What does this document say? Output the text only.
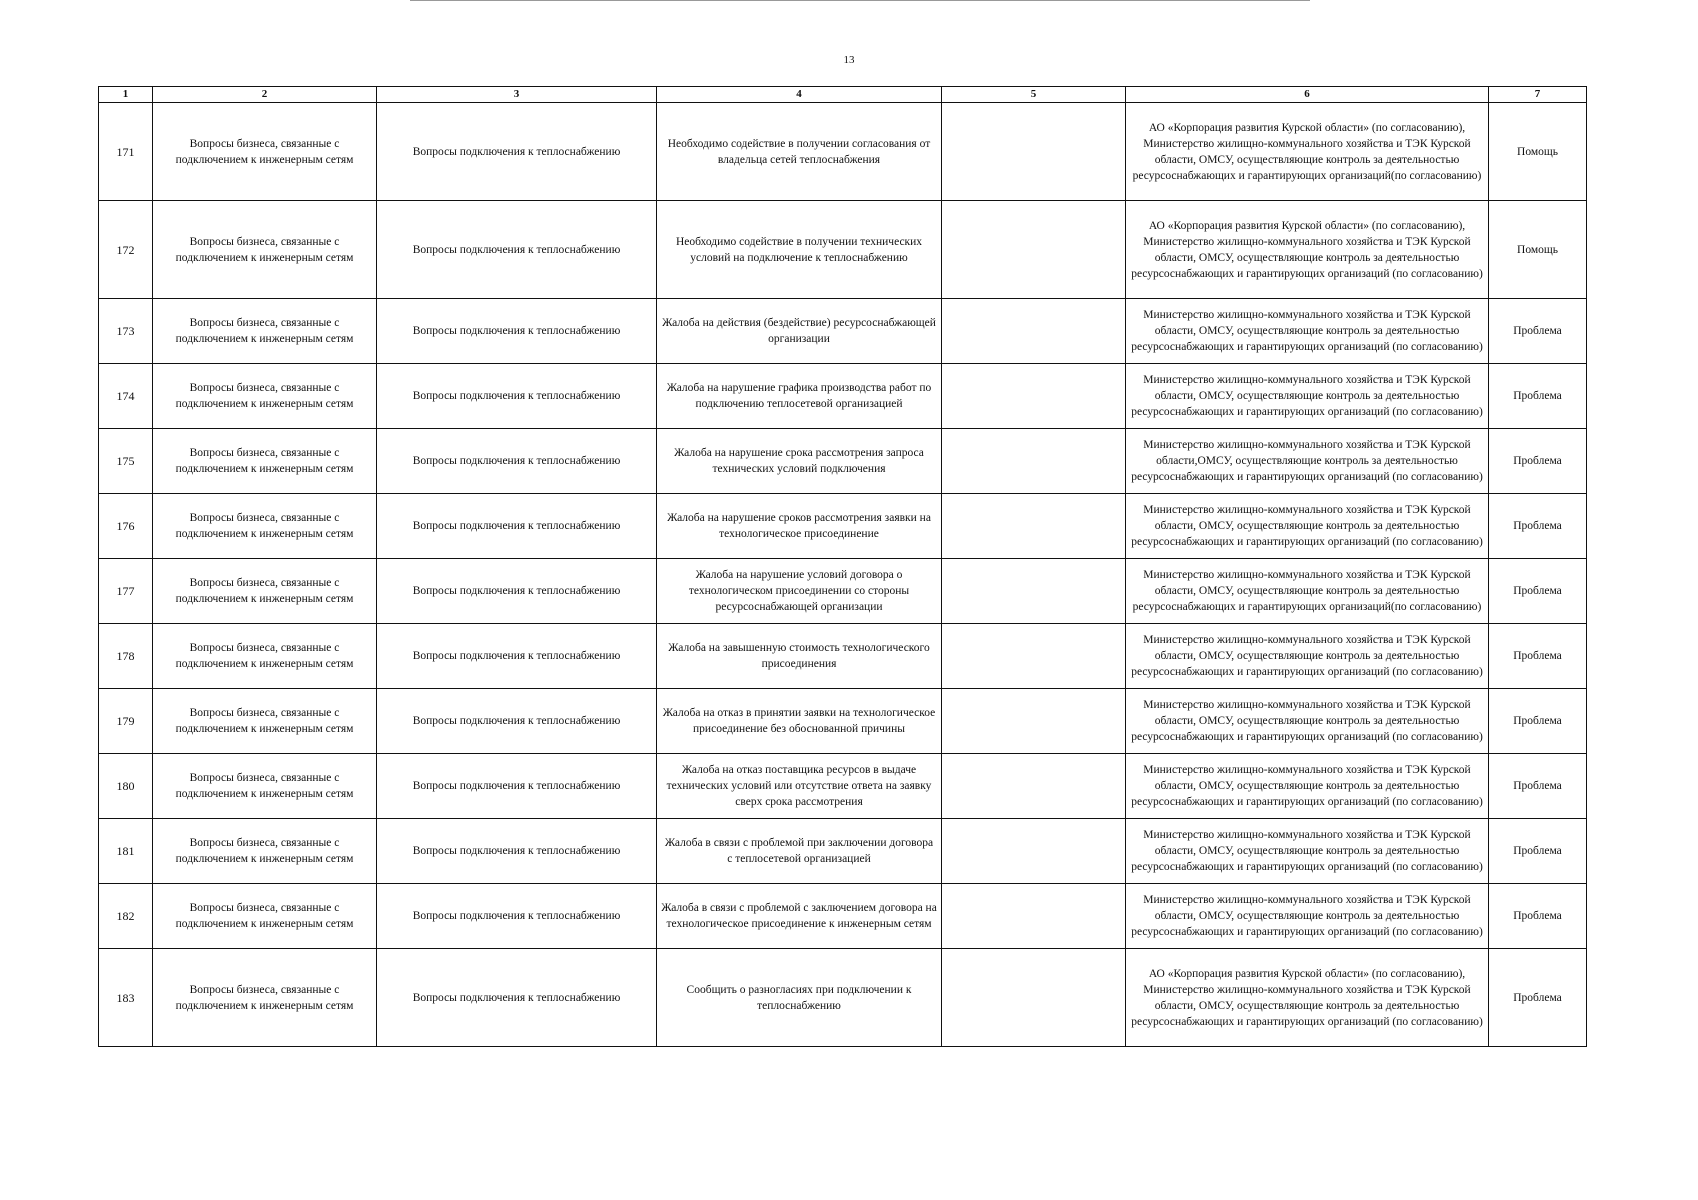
13
1	2	3	4	5	6	7
171	Вопросы бизнеса, связанные с подключением к инженерным сетям	Вопросы подключения к теплоснабжению	Необходимо содействие в получении согласования от владельца сетей теплоснабжения		АО «Корпорация развития Курской области» (по согласованию), Министерство жилищно-коммунального хозяйства и ТЭК Курской области, ОМСУ, осуществляющие контроль за деятельностью ресурсоснабжающих и гарантирующих организаций(по согласованию)	Помощь
172	Вопросы бизнеса, связанные с подключением к инженерным сетям	Вопросы подключения к теплоснабжению	Необходимо содействие в получении технических условий на подключение к теплоснабжению		АО «Корпорация развития Курской области» (по согласованию), Министерство жилищно-коммунального хозяйства и ТЭК Курской области, ОМСУ, осуществляющие контроль за деятельностью ресурсоснабжающих и гарантирующих организаций (по согласованию)	Помощь
173	Вопросы бизнеса, связанные с подключением к инженерным сетям	Вопросы подключения к теплоснабжению	Жалоба на действия (бездействие) ресурсоснабжающей организации		Министерство жилищно-коммунального хозяйства и ТЭК Курской области, ОМСУ, осуществляющие контроль за деятельностью ресурсоснабжающих и гарантирующих организаций (по согласованию)	Проблема
174	Вопросы бизнеса, связанные с подключением к инженерным сетям	Вопросы подключения к теплоснабжению	Жалоба на нарушение графика производства работ по подключению теплосетевой организацией		Министерство жилищно-коммунального хозяйства и ТЭК Курской области, ОМСУ, осуществляющие контроль за деятельностью ресурсоснабжающих и гарантирующих организаций (по согласованию)	Проблема
175	Вопросы бизнеса, связанные с подключением к инженерным сетям	Вопросы подключения к теплоснабжению	Жалоба на нарушение срока рассмотрения запроса технических условий подключения		Министерство жилищно-коммунального хозяйства и ТЭК Курской области,ОМСУ, осуществляющие контроль за деятельностью ресурсоснабжающих и гарантирующих организаций (по согласованию)	Проблема
176	Вопросы бизнеса, связанные с подключением к инженерным сетям	Вопросы подключения к теплоснабжению	Жалоба на нарушение сроков рассмотрения заявки на технологическое присоединение		Министерство жилищно-коммунального хозяйства и ТЭК Курской области, ОМСУ, осуществляющие контроль за деятельностью ресурсоснабжающих и гарантирующих организаций (по согласованию)	Проблема
177	Вопросы бизнеса, связанные с подключением к инженерным сетям	Вопросы подключения к теплоснабжению	Жалоба на нарушение условий договора о технологическом присоединении со стороны ресурсоснабжающей организации		Министерство жилищно-коммунального хозяйства и ТЭК Курской области, ОМСУ, осуществляющие контроль за деятельностью ресурсоснабжающих и гарантирующих организаций(по согласованию)	Проблема
178	Вопросы бизнеса, связанные с подключением к инженерным сетям	Вопросы подключения к теплоснабжению	Жалоба на завышенную стоимость технологического присоединения		Министерство жилищно-коммунального хозяйства и ТЭК Курской области, ОМСУ, осуществляющие контроль за деятельностью ресурсоснабжающих и гарантирующих организаций (по согласованию)	Проблема
179	Вопросы бизнеса, связанные с подключением к инженерным сетям	Вопросы подключения к теплоснабжению	Жалоба на отказ в принятии заявки на технологическое присоединение без обоснованной причины		Министерство жилищно-коммунального хозяйства и ТЭК Курской области, ОМСУ, осуществляющие контроль за деятельностью ресурсоснабжающих и гарантирующих организаций (по согласованию)	Проблема
180	Вопросы бизнеса, связанные с подключением к инженерным сетям	Вопросы подключения к теплоснабжению	Жалоба на отказ поставщика ресурсов в выдаче технических условий или отсутствие ответа на заявку сверх срока рассмотрения		Министерство жилищно-коммунального хозяйства и ТЭК Курской области, ОМСУ, осуществляющие контроль за деятельностью ресурсоснабжающих и гарантирующих организаций (по согласованию)	Проблема
181	Вопросы бизнеса, связанные с подключением к инженерным сетям	Вопросы подключения к теплоснабжению	Жалоба в связи с проблемой при заключении договора с теплосетевой организацией		Министерство жилищно-коммунального хозяйства и ТЭК Курской области, ОМСУ, осуществляющие контроль за деятельностью ресурсоснабжающих и гарантирующих организаций (по согласованию)	Проблема
182	Вопросы бизнеса, связанные с подключением к инженерным сетям	Вопросы подключения к теплоснабжению	Жалоба в связи с проблемой с заключением договора на технологическое присоединение к инженерным сетям		Министерство жилищно-коммунального хозяйства и ТЭК Курской области, ОМСУ, осуществляющие контроль за деятельностью ресурсоснабжающих и гарантирующих организаций (по согласованию)	Проблема
183	Вопросы бизнеса, связанные с подключением к инженерным сетям	Вопросы подключения к теплоснабжению	Сообщить о разногласиях при подключении к теплоснабжению		АО «Корпорация развития Курской области» (по согласованию), Министерство жилищно-коммунального хозяйства и ТЭК Курской области, ОМСУ, осуществляющие контроль за деятельностью ресурсоснабжающих и гарантирующих организаций (по согласованию)	Проблема
